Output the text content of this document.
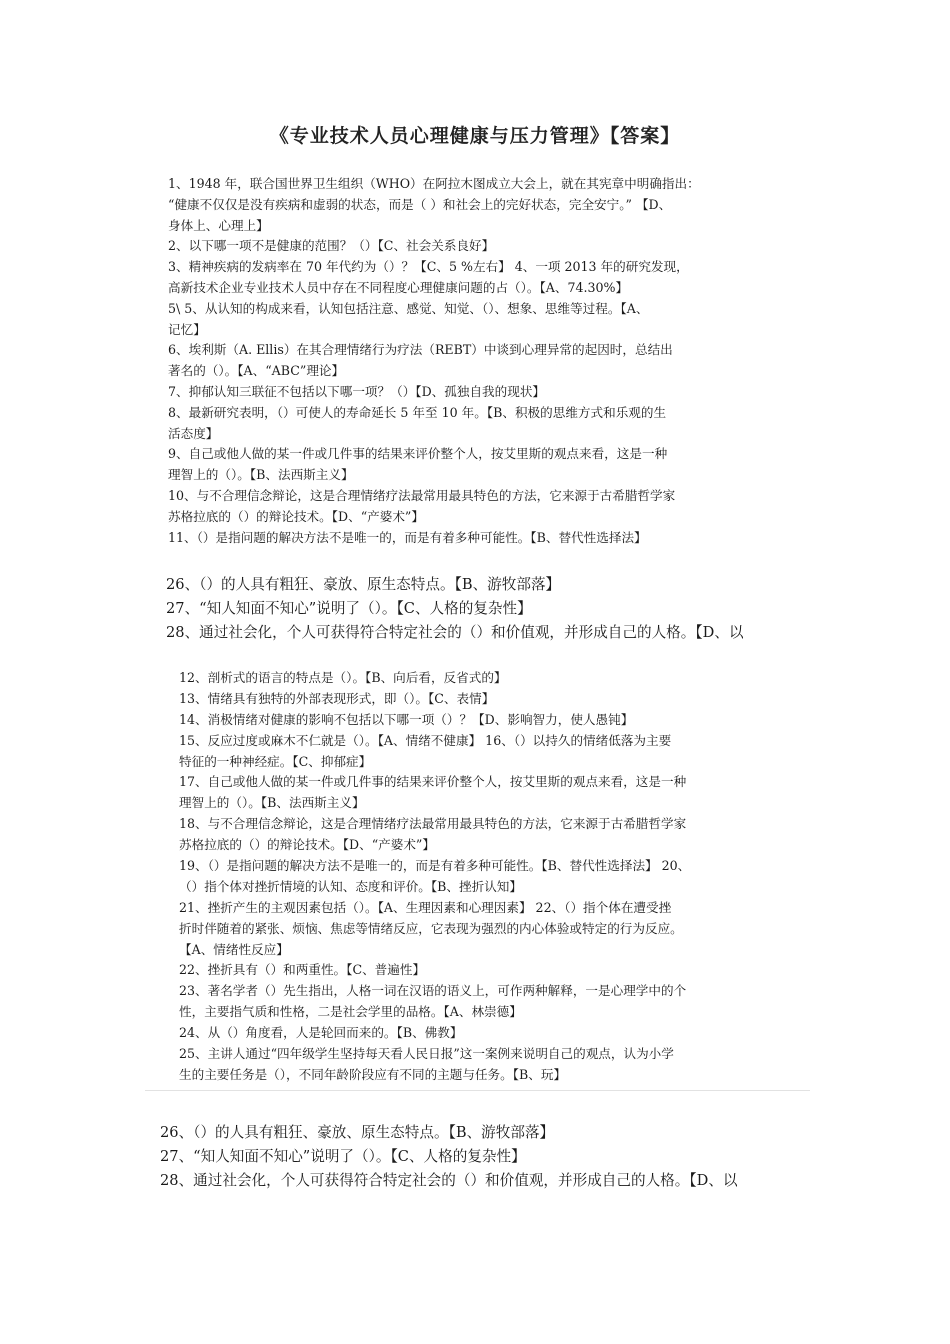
《专业技术人员心理健康与压力管理》【答案】
1、1948 年，联合国世界卫生组织（WHO）在阿拉木图成立大会上，就在其宪章中明确指出：
“健康不仅仅是没有疾病和虚弱的状态，而是（ ）和社会上的完好状态，完全安宁。” 【D、
身体上、心理上】
2、以下哪一项不是健康的范围？（）【C、社会关系良好】
3、精神疾病的发病率在 70 年代约为（）？【C、5 %左右】 4、一项 2013 年的研究发现，
高新技术企业专业技术人员中存在不同程度心理健康问题的占（）。【A、74.30%】
5\ 5、从认知的构成来看，认知包括注意、感觉、知觉、（）、想象、思维等过程。【A、
记忆】
6、埃利斯（A. Ellis）在其合理情绪行为疗法（REBT）中谈到心理异常的起因时，总结出
著名的（）。【A、“ABC”理论】
7、抑郁认知三联征不包括以下哪一项？（）【D、孤独自我的现状】
8、最新研究表明，（）可使人的寿命延长 5 年至 10 年。【B、积极的思维方式和乐观的生
活态度】
9、自己或他人做的某一件或几件事的结果来评价整个人，按艾里斯的观点来看，这是一种
理智上的（）。【B、法西斯主义】
10、与不合理信念辩论，这是合理情绪疗法最常用最具特色的方法，它来源于古希腊哲学家
苏格拉底的（）的辩论技术。【D、“产婆术”】
11、（）是指问题的解决方法不是唯一的，而是有着多种可能性。【B、替代性选择法】
26、（）的人具有粗狂、豪放、原生态特点。【B、游牧部落】
27、“知人知面不知心”说明了（）。【C、人格的复杂性】
28、通过社会化，个人可获得符合特定社会的（）和价值观，并形成自己的人格。【D、以
12、剖析式的语言的特点是（）。【B、向后看，反省式的】
13、情绪具有独特的外部表现形式，即（）。【C、表情】
14、消极情绪对健康的影响不包括以下哪一项（）？【D、影响智力，使人愚钝】
15、反应过度或麻木不仁就是（）。【A、情绪不健康】 16、（）以持久的情绪低落为主要
特征的一种神经症。【C、抑郁症】
17、自己或他人做的某一件或几件事的结果来评价整个人，按艾里斯的观点来看，这是一种
理智上的（）。【B、法西斯主义】
18、与不合理信念辩论，这是合理情绪疗法最常用最具特色的方法，它来源于古希腊哲学家
苏格拉底的（）的辩论技术。【D、“产婆术”】
19、（）是指问题的解决方法不是唯一的，而是有着多种可能性。【B、替代性选择法】 20、
（）指个体对挫折情境的认知、态度和评价。【B、挫折认知】
21、挫折产生的主观因素包括（）。【A、生理因素和心理因素】 22、（）指个体在遭受挫
折时伴随着的紧张、烦恼、焦虑等情绪反应，它表现为强烈的内心体验或特定的行为反应。
【A、情绪性反应】
22、挫折具有（）和两重性。【C、普遍性】
23、著名学者（）先生指出，人格一词在汉语的语义上，可作两种解释，一是心理学中的个
性，主要指气质和性格，二是社会学里的品格。【A、林崇德】
24、从（）角度看，人是轮回而来的。【B、佛教】
25、主讲人通过“四年级学生坚持每天看人民日报”这一案例来说明自己的观点，认为小学
生的主要任务是（），不同年龄阶段应有不同的主题与任务。【B、玩】
26、（）的人具有粗狂、豪放、原生态特点。【B、游牧部落】
27、“知人知面不知心”说明了（）。【C、人格的复杂性】
28、通过社会化，个人可获得符合特定社会的（）和价值观，并形成自己的人格。【D、以
